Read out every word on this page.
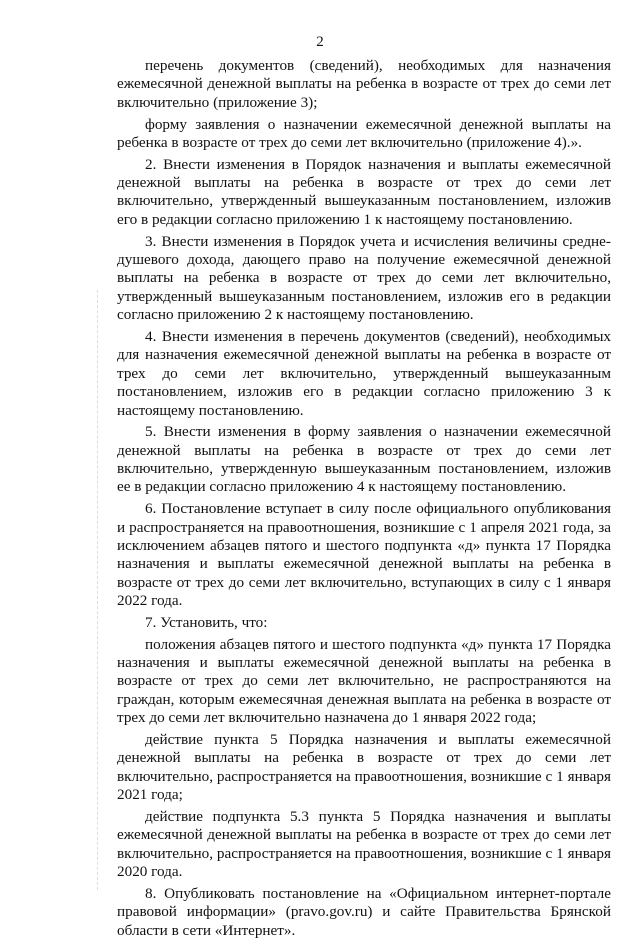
2

перечень документов (сведений), необходимых для назначения ежемесячной денежной выплаты на ребенка в возрасте от трех до семи лет включительно (приложение 3);

форму заявления о назначении ежемесячной денежной выплаты на ребенка в возрасте от трех до семи лет включительно (приложение 4).».

2. Внести изменения в Порядок назначения и выплаты ежемесячной денежной выплаты на ребенка в возрасте от трех до семи лет включительно, утвержденный вышеуказанным постановлением, изложив его в редакции согласно приложению 1 к настоящему постановлению.

3. Внести изменения в Порядок учета и исчисления величины средне-душевого дохода, дающего право на получение ежемесячной денежной выплаты на ребенка в возрасте от трех до семи лет включительно, утвержденный вышеуказанным постановлением, изложив его в редакции согласно приложению 2 к настоящему постановлению.

4. Внести изменения в перечень документов (сведений), необходимых для назначения ежемесячной денежной выплаты на ребенка в возрасте от трех до семи лет включительно, утвержденный вышеуказанным постановлением, изложив его в редакции согласно приложению 3 к настоящему постановлению.

5. Внести изменения в форму заявления о назначении ежемесячной денежной выплаты на ребенка в возрасте от трех до семи лет включительно, утвержденную вышеуказанным постановлением, изложив ее в редакции согласно приложению 4 к настоящему постановлению.

6. Постановление вступает в силу после официального опубликования и распространяется на правоотношения, возникшие с 1 апреля 2021 года, за исключением абзацев пятого и шестого подпункта «д» пункта 17 Порядка назначения и выплаты ежемесячной денежной выплаты на ребенка в возрасте от трех до семи лет включительно, вступающих в силу с 1 января 2022 года.

7. Установить, что:

положения абзацев пятого и шестого подпункта «д» пункта 17 Порядка назначения и выплаты ежемесячной денежной выплаты на ребенка в возрасте от трех до семи лет включительно, не распространяются на граждан, которым ежемесячная денежная выплата на ребенка в возрасте от трех до семи лет включительно назначена до 1 января 2022 года;

действие пункта 5 Порядка назначения и выплаты ежемесячной денежной выплаты на ребенка в возрасте от трех до семи лет включительно, распространяется на правоотношения, возникшие с 1 января 2021 года;

действие подпункта 5.3 пункта 5 Порядка назначения и выплаты ежемесячной денежной выплаты на ребенка в возрасте от трех до семи лет включительно, распространяется на правоотношения, возникшие с 1 января 2020 года.

8. Опубликовать постановление на «Официальном интернет-портале правовой информации» (pravo.gov.ru) и сайте Правительства Брянской области в сети «Интернет».
